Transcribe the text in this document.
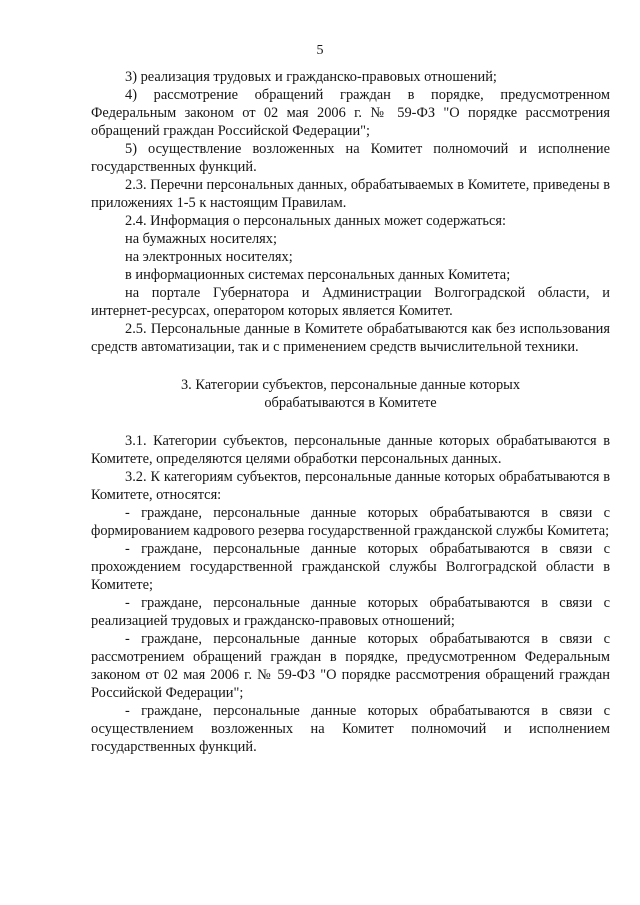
5

3) реализация трудовых и гражданско-правовых отношений;

4) рассмотрение обращений граждан в порядке, предусмотренном Федеральным законом от 02 мая 2006 г. № 59-ФЗ "О порядке рассмотрения обращений граждан Российской Федерации";

5) осуществление возложенных на Комитет полномочий и исполнение государственных функций.

2.3. Перечни персональных данных, обрабатываемых в Комитете, приведены в приложениях 1-5 к настоящим Правилам.

2.4. Информация о персональных данных может содержаться:

на бумажных носителях;

на электронных носителях;

в информационных системах персональных данных Комитета;

на портале Губернатора и Администрации Волгоградской области, и интернет-ресурсах, оператором которых является Комитет.

2.5. Персональные данные в Комитете обрабатываются как без использования средств автоматизации, так и с применением средств вычислительной техники.

3. Категории субъектов, персональные данные которых
обрабатываются в Комитете

3.1. Категории субъектов, персональные данные которых обрабатываются в Комитете, определяются целями обработки персональных данных.

3.2. К категориям субъектов, персональные данные которых обрабатываются в Комитете, относятся:

- граждане, персональные данные которых обрабатываются в связи с формированием кадрового резерва государственной гражданской службы Комитета;

- граждане, персональные данные которых обрабатываются в связи с прохождением государственной гражданской службы Волгоградской области в Комитете;

- граждане, персональные данные которых обрабатываются в связи с реализацией трудовых и гражданско-правовых отношений;

- граждане, персональные данные которых обрабатываются в связи с рассмотрением обращений граждан в порядке, предусмотренном Федеральным законом от 02 мая 2006 г. № 59-ФЗ "О порядке рассмотрения обращений граждан Российской Федерации";

- граждане, персональные данные которых обрабатываются в связи с осуществлением возложенных на Комитет полномочий и исполнением государственных функций.
